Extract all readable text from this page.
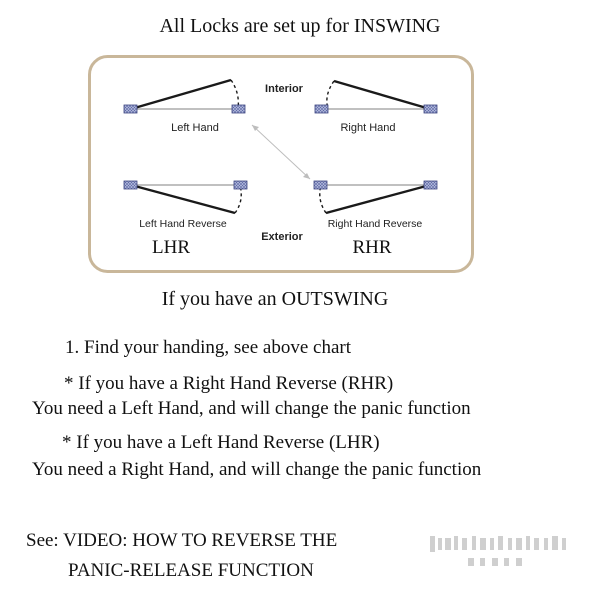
All Locks are set up for INSWING
Left Hand	Right Hand
Interior
Left Hand Reverse	Right Hand Reverse
Exterior
LHR	RHR
If you have an OUTSWING
1. Find your handing, see above chart
* If you have a Right Hand Reverse (RHR)
You need a Left Hand, and will change the panic function
* If you have a Left Hand Reverse (LHR)
You need a Right Hand, and will change the panic function
See: VIDEO: HOW TO REVERSE THE
PANIC-RELEASE FUNCTION
